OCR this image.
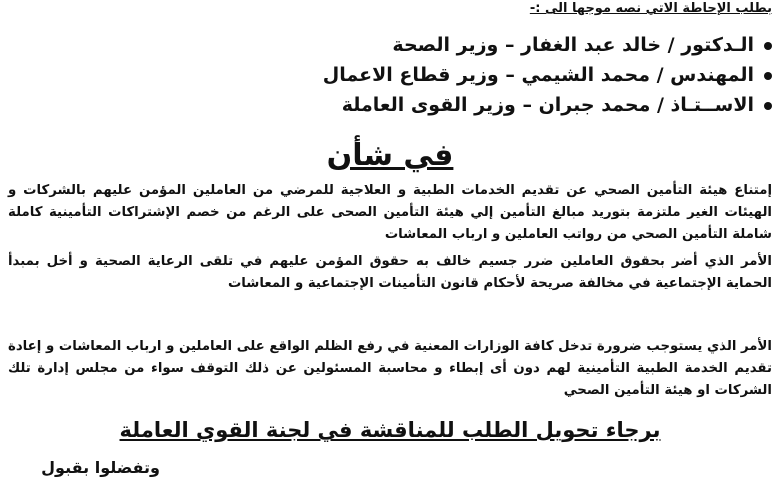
بطلب الإحاطة الاتي نصه موجها الى :-
الـدكتور / خالد عبد الغفار – وزير الصحة
المهندس / محمد الشيمي – وزير قطاع الاعمال
الاســتـاذ / محمد جبران – وزير القوى العاملة
في شأن
إمتناع هيئة التأمين الصحي عن تقديم الخدمات الطبية و العلاجية للمرضي من العاملين المؤمن عليهم بالشركات و الهيئات الغير ملتزمة بتوريد مبالغ التأمين إلي هيئة التأمين الصحى على الرغم من خصم الإشتراكات التأمينية كاملة شاملة التأمين الصحي من رواتب العاملين و ارباب المعاشات
الأمر الذي أضر بحقوق العاملين ضرر جسيم خالف به حقوق المؤمن عليهم في تلقى الرعاية الصحية و أخل بمبدأ الحماية الإجتماعية في مخالفة صريحة لأحكام قانون التأمينات الإجتماعية و المعاشات
الأمر الذي يستوجب ضرورة تدخل كافة الوزارات المعنية في رفع الظلم الواقع على العاملين و ارباب المعاشات و إعادة تقديم الخدمة الطبية التأمينية لهم دون أى إبطاء و محاسبة المسئولين عن ذلك التوقف سواء من مجلس إدارة تلك الشركات او هيئة التأمين الصحي
برجاء تحويل الطلب للمناقشة في لجنة القوي العاملة
وتفضلوا بقبول
